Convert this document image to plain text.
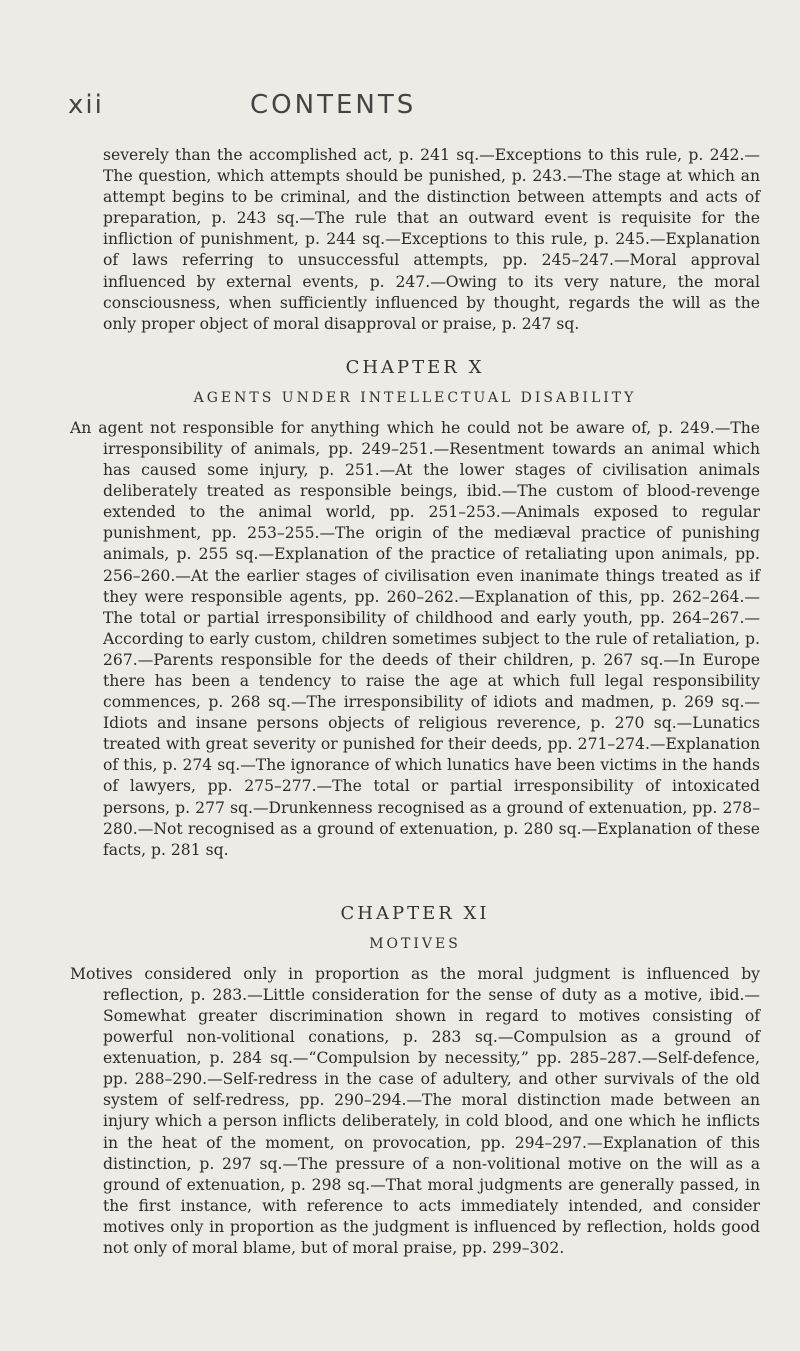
xii	CONTENTS

severely than the accomplished act, p. 241 sq.—Exceptions to this rule, p. 242.—The question, which attempts should be punished, p. 243.—The stage at which an attempt begins to be criminal, and the distinction between attempts and acts of preparation, p. 243 sq.—The rule that an outward event is requisite for the infliction of punishment, p. 244 sq.—Exceptions to this rule, p. 245.—Explanation of laws referring to unsuccessful attempts, pp. 245–247.—Moral approval influenced by external events, p. 247.—Owing to its very nature, the moral consciousness, when sufficiently influenced by thought, regards the will as the only proper object of moral disapproval or praise, p. 247 sq.

CHAPTER X
AGENTS UNDER INTELLECTUAL DISABILITY

An agent not responsible for anything which he could not be aware of, p. 249.—The irresponsibility of animals, pp. 249–251.—Resentment towards an animal which has caused some injury, p. 251.—At the lower stages of civilisation animals deliberately treated as responsible beings, ibid.—The custom of blood-revenge extended to the animal world, pp. 251–253.—Animals exposed to regular punishment, pp. 253–255.—The origin of the mediæval practice of punishing animals, p. 255 sq.—Explanation of the practice of retaliating upon animals, pp. 256–260.—At the earlier stages of civilisation even inanimate things treated as if they were responsible agents, pp. 260–262.—Explanation of this, pp. 262–264.—The total or partial irresponsibility of childhood and early youth, pp. 264–267.—According to early custom, children sometimes subject to the rule of retaliation, p. 267.—Parents responsible for the deeds of their children, p. 267 sq.—In Europe there has been a tendency to raise the age at which full legal responsibility commences, p. 268 sq.—The irresponsibility of idiots and madmen, p. 269 sq.—Idiots and insane persons objects of religious reverence, p. 270 sq.—Lunatics treated with great severity or punished for their deeds, pp. 271–274.—Explanation of this, p. 274 sq.—The ignorance of which lunatics have been victims in the hands of lawyers, pp. 275–277.—The total or partial irresponsibility of intoxicated persons, p. 277 sq.—Drunkenness recognised as a ground of extenuation, pp. 278–280.—Not recognised as a ground of extenuation, p. 280 sq.—Explanation of these facts, p. 281 sq.

CHAPTER XI
MOTIVES

Motives considered only in proportion as the moral judgment is influenced by reflection, p. 283.—Little consideration for the sense of duty as a motive, ibid.—Somewhat greater discrimination shown in regard to motives consisting of powerful non-volitional conations, p. 283 sq.—Compulsion as a ground of extenuation, p. 284 sq.—“Compulsion by necessity,” pp. 285–287.—Self-defence, pp. 288–290.—Self-redress in the case of adultery, and other survivals of the old system of self-redress, pp. 290–294.—The moral distinction made between an injury which a person inflicts deliberately, in cold blood, and one which he inflicts in the heat of the moment, on provocation, pp. 294–297.—Explanation of this distinction, p. 297 sq.—The pressure of a non-volitional motive on the will as a ground of extenuation, p. 298 sq.—That moral judgments are generally passed, in the first instance, with reference to acts immediately intended, and consider motives only in proportion as the judgment is influenced by reflection, holds good not only of moral blame, but of moral praise, pp. 299–302.
